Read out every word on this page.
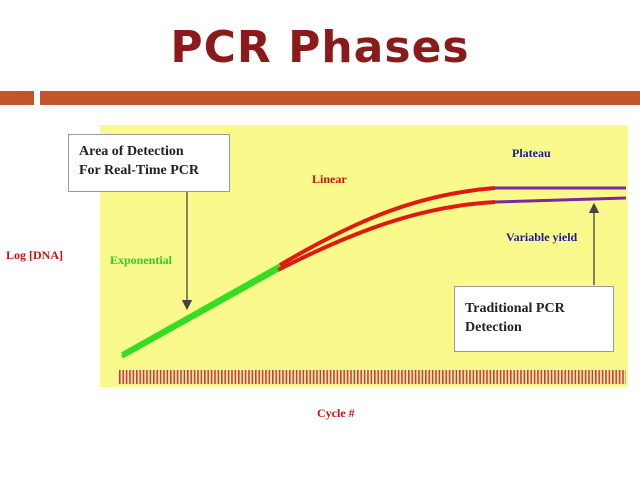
PCR Phases
Log [DNA]
Cycle #
Exponential
Linear
Plateau
Variable yield
Area of Detection
For Real-Time PCR
Traditional PCR
Detection
